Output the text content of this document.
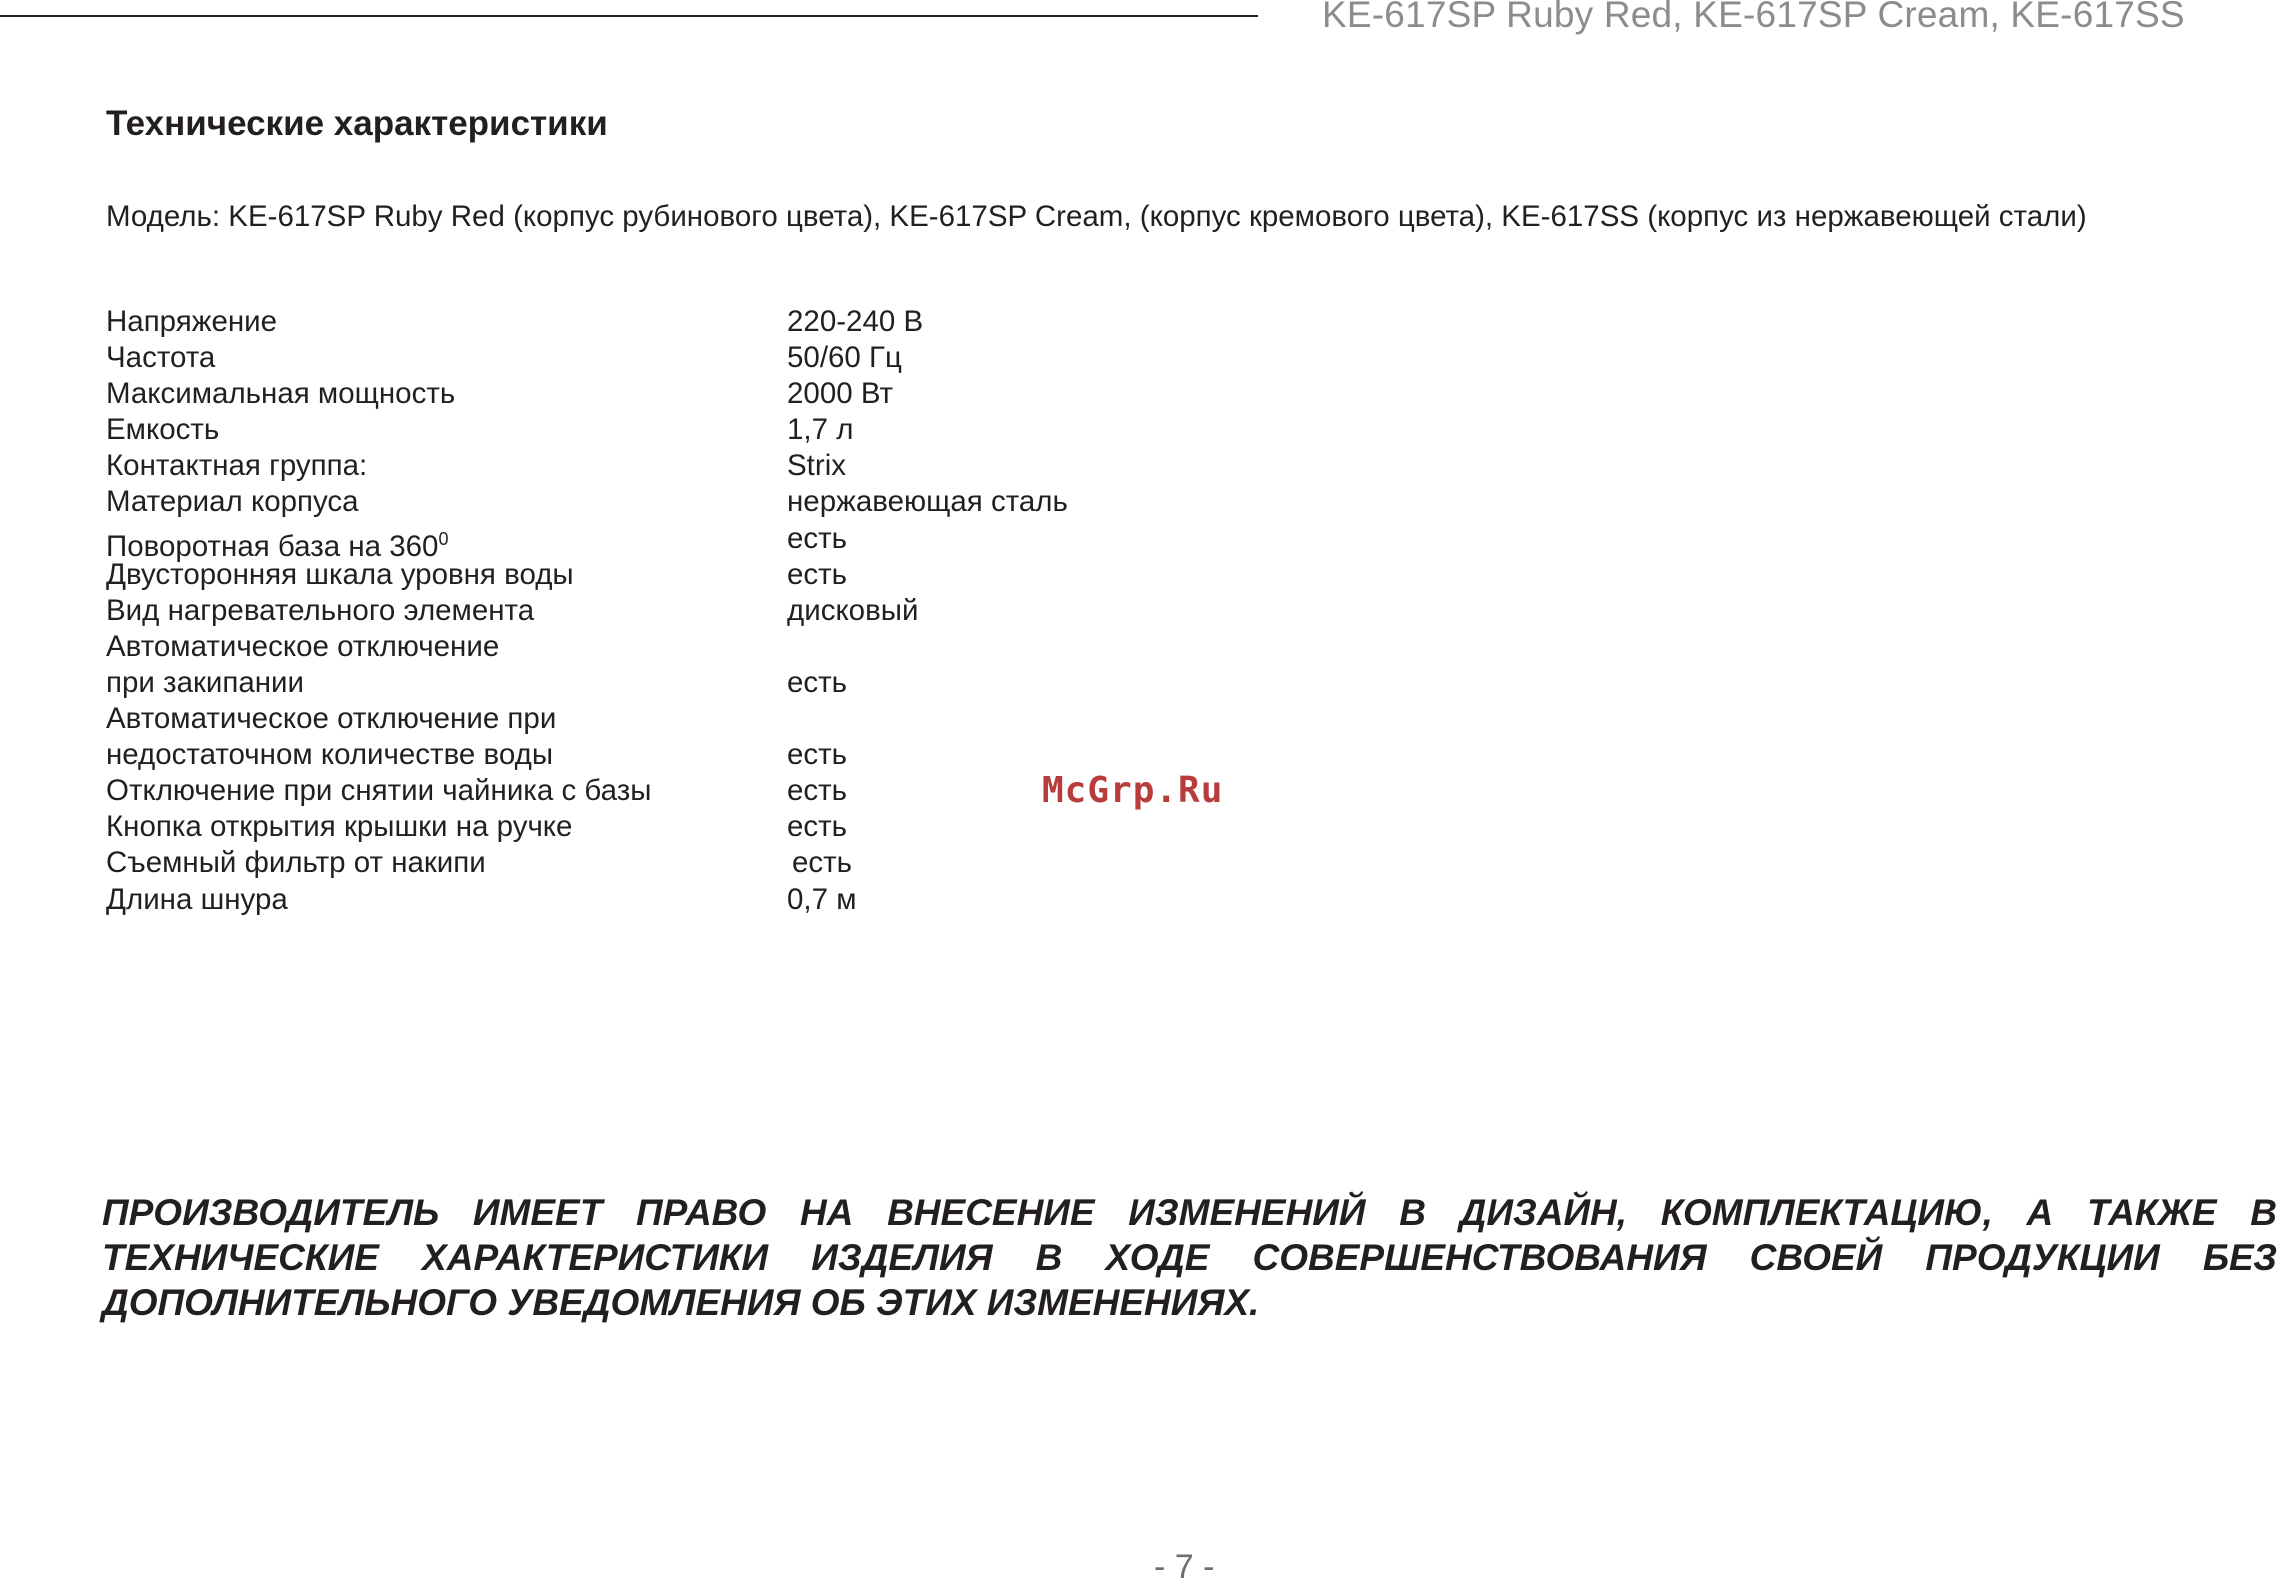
KE-617SP Ruby Red, KE-617SP Cream, KE-617SS
Технические характеристики
Модель: KE-617SP Ruby Red (корпус рубинового цвета), KE-617SP Cream, (корпус кремового цвета), KE-617SS (корпус из нержавеющей стали)
Напряжение	220-240 В
Частота	50/60 Гц
Максимальная мощность	2000 Вт
Емкость	1,7 л
Контактная группа:	Strix
Материал корпуса	нержавеющая сталь
Поворотная база на $360^0$	есть
Двусторонняя шкала уровня воды	есть
Вид нагревательного элемента	дисковый
Автоматическое отключение
при закипании	есть
Автоматическое отключение при
недостаточном количестве воды	есть
Отключение при снятии чайника с базы	есть
Кнопка открытия крышки на ручке	есть
Съемный фильтр от накипи	есть
Длина шнура	0,7 м
McGrp.Ru
ПРОИЗВОДИТЕЛЬ ИМЕЕТ ПРАВО НА ВНЕСЕНИЕ ИЗМЕНЕНИЙ В ДИЗАЙН, КОМПЛЕКТАЦИЮ, А ТАКЖЕ В ТЕХНИЧЕСКИЕ ХАРАКТЕРИСТИКИ ИЗДЕЛИЯ В ХОДЕ СОВЕРШЕНСТВОВАНИЯ СВОЕЙ ПРОДУКЦИИ БЕЗ ДОПОЛНИТЕЛЬНОГО УВЕДОМЛЕНИЯ ОБ ЭТИХ ИЗМЕНЕНИЯХ.
- 7 -
